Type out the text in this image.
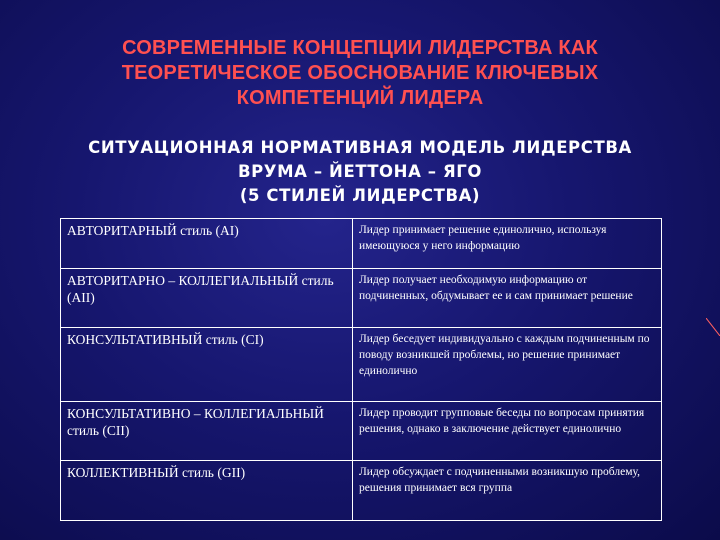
СОВРЕМЕННЫЕ КОНЦЕПЦИИ ЛИДЕРСТВА КАК ТЕОРЕТИЧЕСКОЕ ОБОСНОВАНИЕ КЛЮЧЕВЫХ КОМПЕТЕНЦИЙ ЛИДЕРА
СИТУАЦИОННАЯ НОРМАТИВНАЯ МОДЕЛЬ ЛИДЕРСТВА
ВРУМА – ЙЕТТОНА – ЯГО
(5 СТИЛЕЙ ЛИДЕРСТВА)
АВТОРИТАРНЫЙ стиль (AI)	Лидер принимает решение единолично, используя имеющуюся у него информацию
АВТОРИТАРНО – КОЛЛЕГИАЛЬНЫЙ стиль (AII)	Лидер получает необходимую информацию от подчиненных, обдумывает ее и сам принимает решение
КОНСУЛЬТАТИВНЫЙ стиль (CI)	Лидер беседует индивидуально с каждым подчиненным по поводу возникшей проблемы, но решение принимает единолично
КОНСУЛЬТАТИВНО – КОЛЛЕГИАЛЬНЫЙ стиль (CII)	Лидер проводит групповые беседы по вопросам принятия решения, однако в заключение действует единолично
КОЛЛЕКТИВНЫЙ стиль (GII)	Лидер обсуждает с подчиненными возникшую проблему, решения принимает вся группа
